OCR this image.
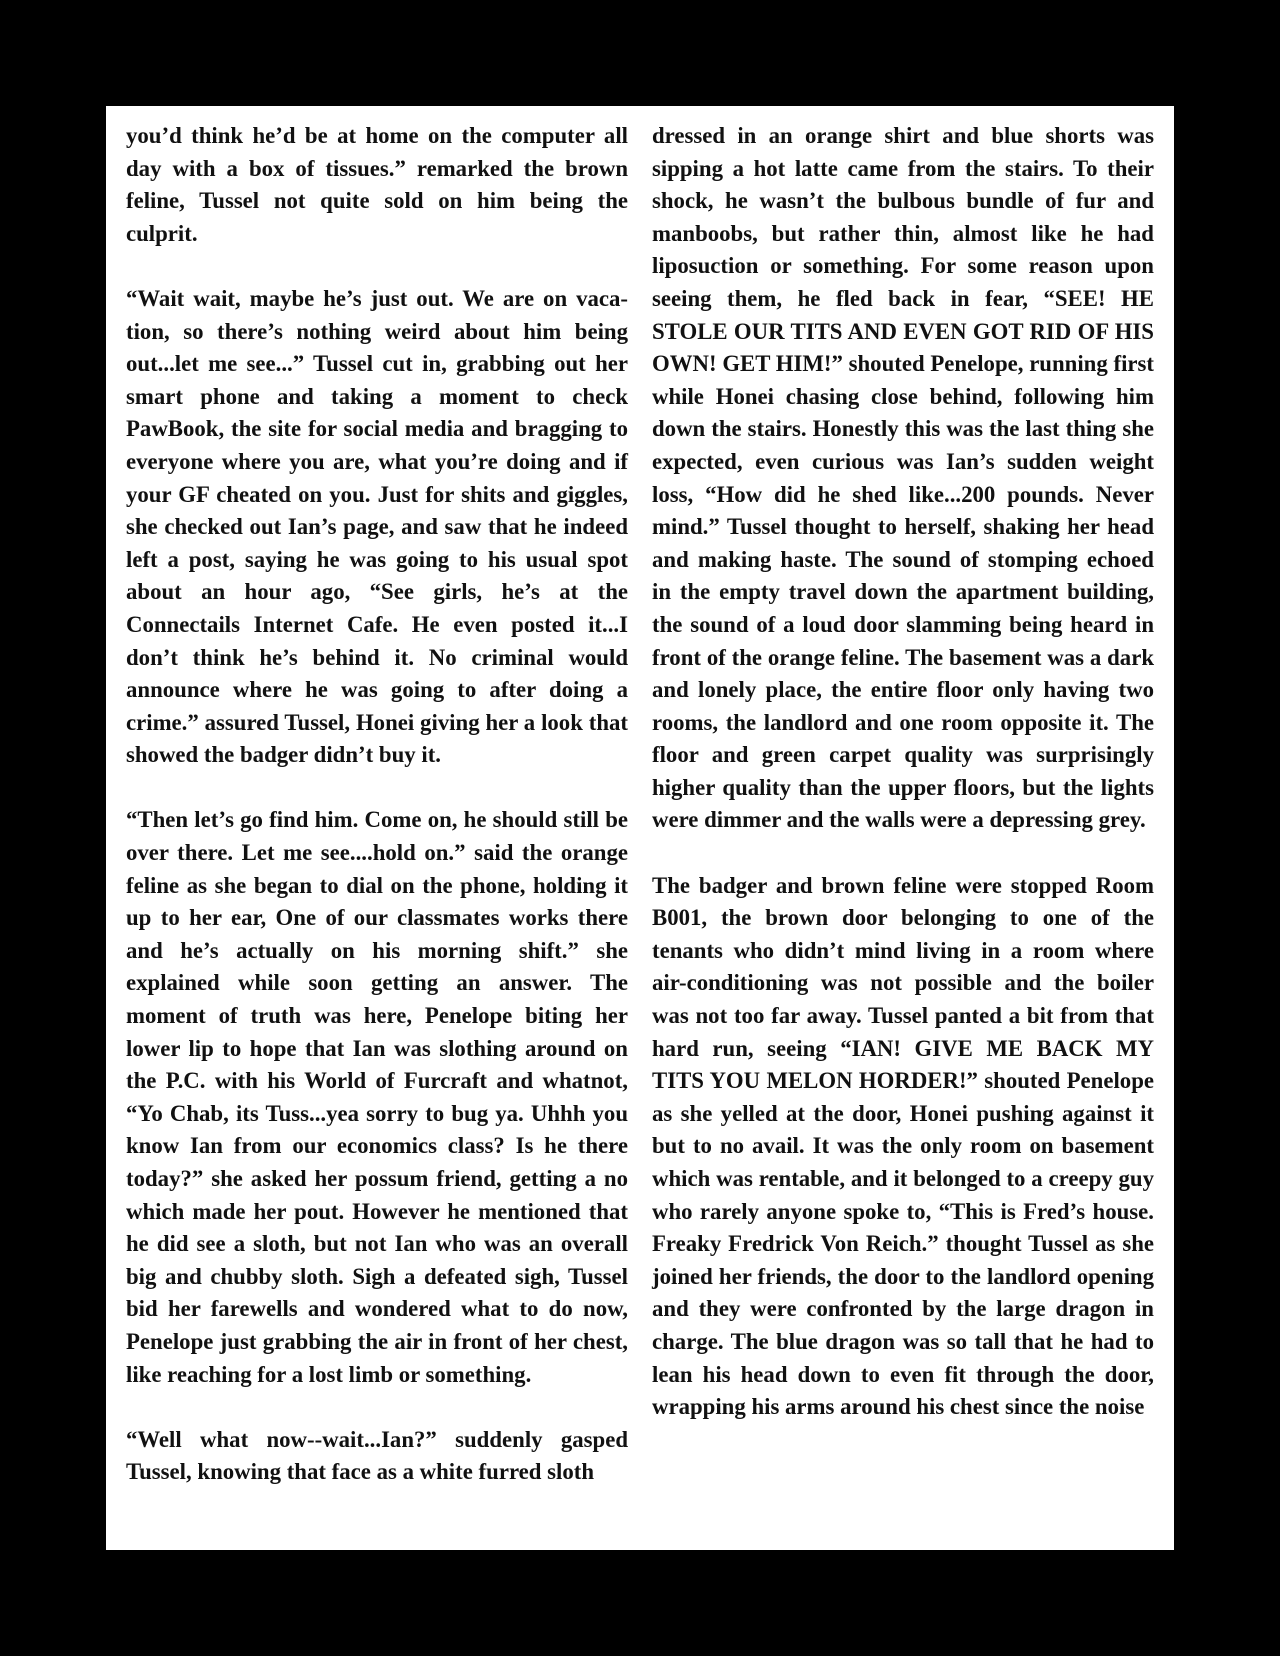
you’d think he’d be at home on the computer all day with a box of tissues.” remarked the brown feline, Tussel not quite sold on him being the culprit.

“Wait wait, maybe he’s just out. We are on vacation, so there’s nothing weird about him being out...let me see...” Tussel cut in, grabbing out her smart phone and taking a moment to check PawBook, the site for social media and bragging to everyone where you are, what you’re doing and if your GF cheated on you. Just for shits and giggles, she checked out Ian’s page, and saw that he indeed left a post, saying he was going to his usual spot about an hour ago, “See girls, he’s at the Connectails Internet Cafe. He even posted it...I don’t think he’s behind it. No criminal would announce where he was going to after doing a crime.” assured Tussel, Honei giving her a look that showed the badger didn’t buy it.

“Then let’s go find him. Come on, he should still be over there. Let me see....hold on.” said the orange feline as she began to dial on the phone, holding it up to her ear, One of our classmates works there and he’s actually on his morning shift.” she explained while soon getting an answer. The moment of truth was here, Penelope biting her lower lip to hope that Ian was slothing around on the P.C. with his World of Furcraft and whatnot, “Yo Chab, its Tuss...yea sorry to bug ya. Uhhh you know Ian from our economics class? Is he there today?” she asked her possum friend, getting a no which made her pout. However he mentioned that he did see a sloth, but not Ian who was an overall big and chubby sloth. Sigh a defeated sigh, Tussel bid her farewells and wondered what to do now, Penelope just grabbing the air in front of her chest, like reaching for a lost limb or something.

“Well what now--wait...Ian?” suddenly gasped Tussel, knowing that face as a white furred sloth

dressed in an orange shirt and blue shorts was sipping a hot latte came from the stairs. To their shock, he wasn’t the bulbous bundle of fur and manboobs, but rather thin, almost like he had liposuction or something. For some reason upon seeing them, he fled back in fear, “SEE! HE STOLE OUR TITS AND EVEN GOT RID OF HIS OWN! GET HIM!” shouted Penelope, running first while Honei chasing close behind, following him down the stairs. Honestly this was the last thing she expected, even curious was Ian’s sudden weight loss, “How did he shed like...200 pounds. Never mind.” Tussel thought to herself, shaking her head and making haste. The sound of stomping echoed in the empty travel down the apartment building, the sound of a loud door slamming being heard in front of the orange feline. The basement was a dark and lonely place, the entire floor only having two rooms, the landlord and one room opposite it. The floor and green carpet quality was surprisingly higher quality than the upper floors, but the lights were dimmer and the walls were a depressing grey.

The badger and brown feline were stopped Room B001, the brown door belonging to one of the tenants who didn’t mind living in a room where air-conditioning was not possible and the boiler was not too far away. Tussel panted a bit from that hard run, seeing “IAN! GIVE ME BACK MY TITS YOU MELON HORDER!” shouted Penelope as she yelled at the door, Honei pushing against it but to no avail. It was the only room on basement which was rentable, and it belonged to a creepy guy who rarely anyone spoke to, “This is Fred’s house. Freaky Fredrick Von Reich.” thought Tussel as she joined her friends, the door to the landlord opening and they were confronted by the large dragon in charge. The blue dragon was so tall that he had to lean his head down to even fit through the door, wrapping his arms around his chest since the noise
